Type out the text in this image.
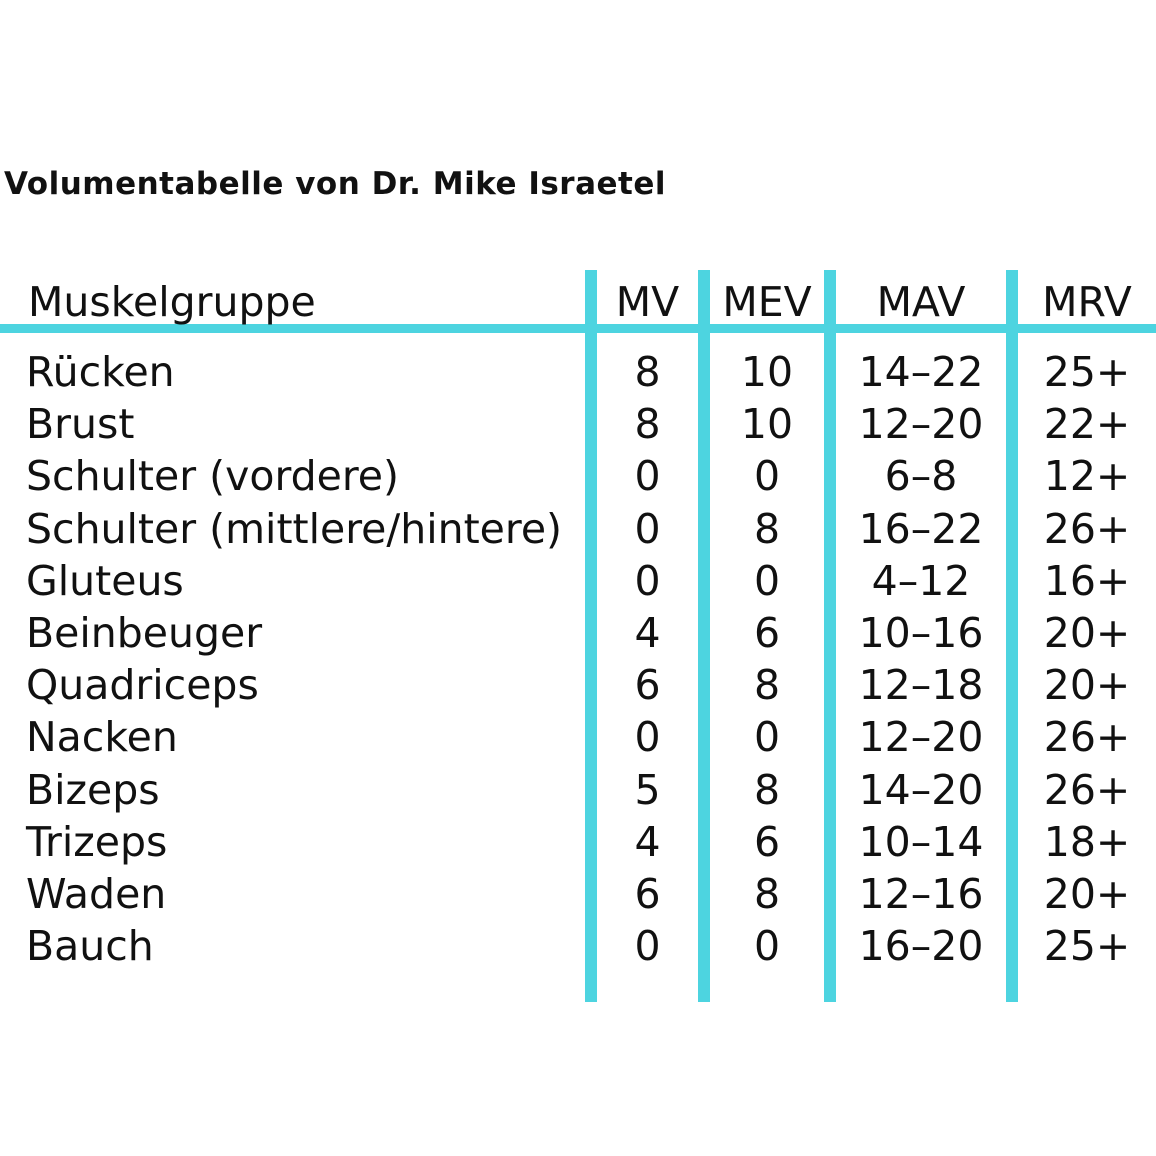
Volumentabelle von Dr. Mike Israetel
Muskelgruppe	MV	MEV	MAV	MRV
Rücken	8	10	14–22	25+
Brust	8	10	12–20	22+
Schulter (vordere)	0	0	6–8	12+
Schulter (mittlere/hintere)	0	8	16–22	26+
Gluteus	0	0	4–12	16+
Beinbeuger	4	6	10–16	20+
Quadriceps	6	8	12–18	20+
Nacken	0	0	12–20	26+
Bizeps	5	8	14–20	26+
Trizeps	4	6	10–14	18+
Waden	6	8	12–16	20+
Bauch	0	0	16–20	25+
